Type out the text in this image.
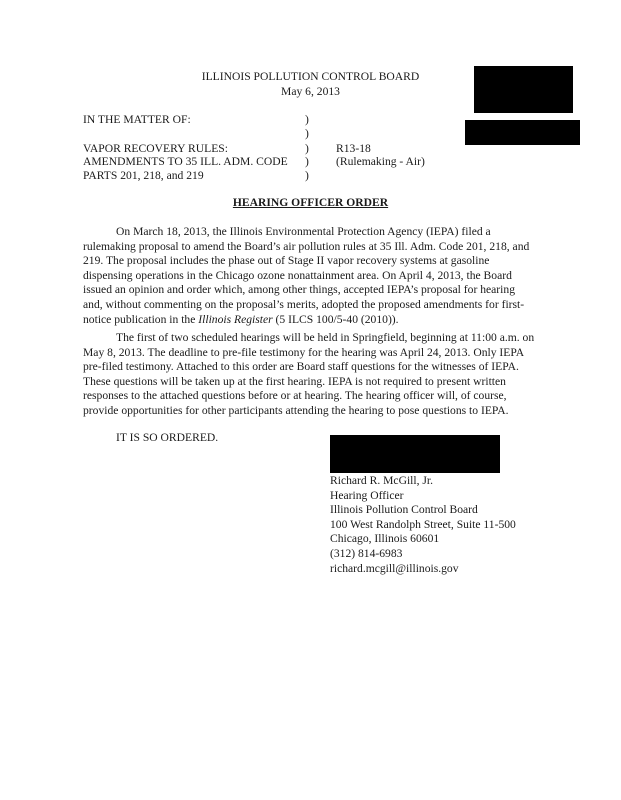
ILLINOIS POLLUTION CONTROL BOARD
May 6, 2013
IN THE MATTER OF:
VAPOR RECOVERY RULES:
AMENDMENTS TO 35 ILL. ADM. CODE
PARTS 201, 218, and 219
)
)
)
)
)
R13-18
(Rulemaking - Air)
HEARING OFFICER ORDER
On March 18, 2013, the Illinois Environmental Protection Agency (IEPA) filed a
rulemaking proposal to amend the Board’s air pollution rules at 35 Ill. Adm. Code 201, 218, and
219. The proposal includes the phase out of Stage II vapor recovery systems at gasoline
dispensing operations in the Chicago ozone nonattainment area. On April 4, 2013, the Board
issued an opinion and order which, among other things, accepted IEPA’s proposal for hearing
and, without commenting on the proposal’s merits, adopted the proposed amendments for first-
notice publication in the Illinois Register (5 ILCS 100/5-40 (2010)).
The first of two scheduled hearings will be held in Springfield, beginning at 11:00 a.m. on
May 8, 2013. The deadline to pre-file testimony for the hearing was April 24, 2013. Only IEPA
pre-filed testimony. Attached to this order are Board staff questions for the witnesses of IEPA.
These questions will be taken up at the first hearing. IEPA is not required to present written
responses to the attached questions before or at hearing. The hearing officer will, of course,
provide opportunities for other participants attending the hearing to pose questions to IEPA.
IT IS SO ORDERED.
Richard R. McGill, Jr.
Hearing Officer
Illinois Pollution Control Board
100 West Randolph Street, Suite 11-500
Chicago, Illinois 60601
(312) 814-6983
richard.mcgill@illinois.gov
